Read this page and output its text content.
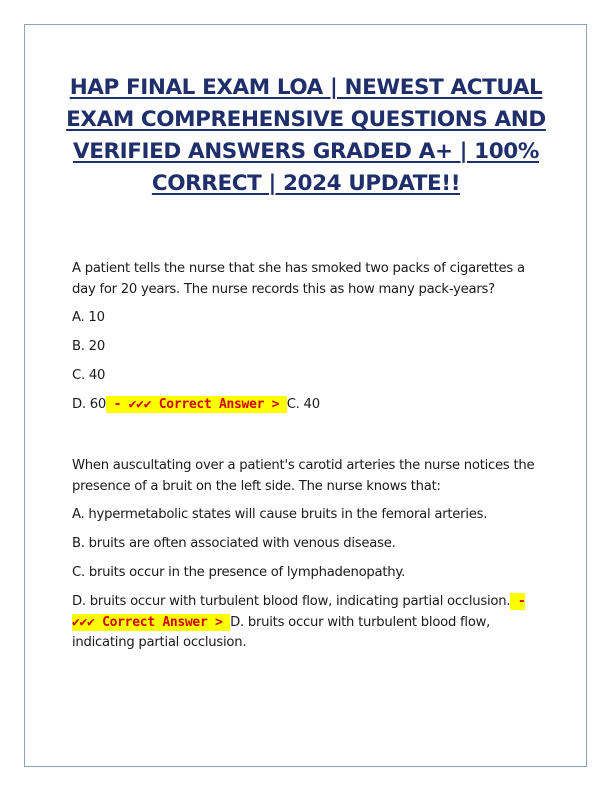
HAP FINAL EXAM LOA | NEWEST ACTUAL EXAM COMPREHENSIVE QUESTIONS AND VERIFIED ANSWERS GRADED A+ | 100% CORRECT | 2024 UPDATE!!

A patient tells the nurse that she has smoked two packs of cigarettes a day for 20 years. The nurse records this as how many pack-years?

A. 10

B. 20

C. 40

D. 60 - ✔✔✔ Correct Answer > C. 40

When auscultating over a patient's carotid arteries the nurse notices the presence of a bruit on the left side. The nurse knows that:

A. hypermetabolic states will cause bruits in the femoral arteries.

B. bruits are often associated with venous disease.

C. bruits occur in the presence of lymphadenopathy.

D. bruits occur with turbulent blood flow, indicating partial occlusion. - ✔✔✔ Correct Answer > D. bruits occur with turbulent blood flow, indicating partial occlusion.
